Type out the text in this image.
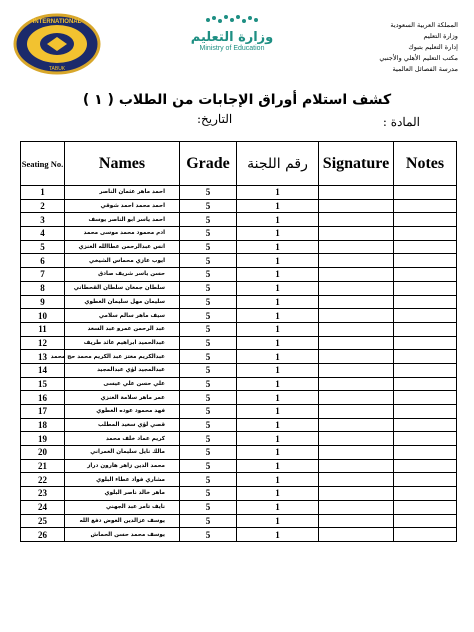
INTERNATIONAL
TABUK
وزارة التعليم
Ministry of Education
المملكة العربية السعودية
وزارة التعليم
إدارة التعليم بتبوك
مكتب التعليم الأهلي والأجنبي
مدرسة الفصائل العالمية
كشف استلام أوراق الإجابات من الطلاب ( ١ )
المادة :
التاريخ:
Seating No.	Names	Grade	رقم اللجنة	Signature	Notes
1	احمد ماهر عثمان الناصر	5	1		
2	احمد محمد احمد شوقي	5	1		
3	احمد ياسر ابو الناصر يوسف	5	1		
4	ادم محمود محمد موسى محمد	5	1		
5	انس عبدالرحمن عطاالله العنزي	5	1		
6	ايوب عازي محماس الشيخي	5	1		
7	حسن ياسر شريف صادق	5	1		
8	سلطان جمعان سلطان القحطاني	5	1		
9	سليمان مهل سليمان العطوي	5	1		
10	سيف ماهر سالم سلامي	5	1		
11	عبد الرحمن عمرو عبد السعد	5	1		
12	عبدالحميد ابراهيم عائد طريف	5	1		
13	عبدالكريم معتز عبد الكريم محمد حج محمد	5	1		
14	عبدالمجيد لؤي عبدالمجيد	5	1		
15	علي حسن علي عيسى	5	1		
16	عمر ماهر سلامة العنزي	5	1		
17	فهد محمود عوده العطوي	5	1		
18	قصي لؤي سعيد المطلب	5	1		
19	كريم عماد خلف محمد	5	1		
20	مالك نايل سليمان العمراني	5	1		
21	محمد الدين زاهر هارون دراز	5	1		
22	مشاري فواد عطاء البلوي	5	1		
23	ماهر خالد ناصر البلوي	5	1		
24	نايف تامر عبد الجهني	5	1		
25	يوسف عزالدين العوض دفع الله	5	1		
26	يوسف محمد حسن الحماش	5	1		
